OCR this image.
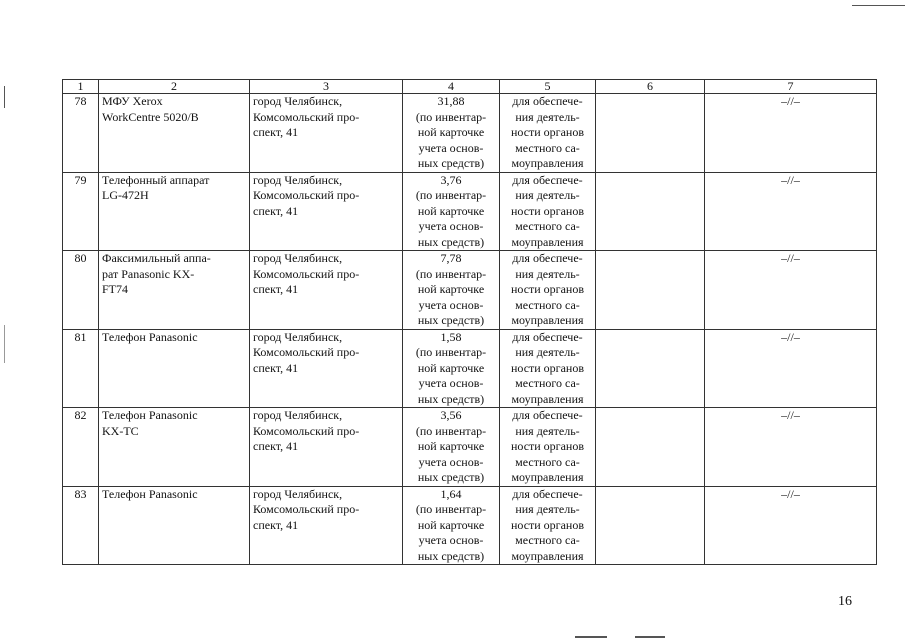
1	2	3	4	5	6	7
78	МФУ Xerox
WorkCentre 5020/B	город Челябинск,
Комсомольский про-
спект, 41	31,88
(по инвентар-
ной карточке
учета основ-
ных средств)	для обеспече-
ния деятель-
ности органов
местного са-
моуправления		–//–
79	Телефонный аппарат
LG-472H	город Челябинск,
Комсомольский про-
спект, 41	3,76
(по инвентар-
ной карточке
учета основ-
ных средств)	для обеспече-
ния деятель-
ности органов
местного са-
моуправления		–//–
80	Факсимильный аппа-
рат Panasonic KX-
FT74	город Челябинск,
Комсомольский про-
спект, 41	7,78
(по инвентар-
ной карточке
учета основ-
ных средств)	для обеспече-
ния деятель-
ности органов
местного са-
моуправления		–//–
81	Телефон Panasonic	город Челябинск,
Комсомольский про-
спект, 41	1,58
(по инвентар-
ной карточке
учета основ-
ных средств)	для обеспече-
ния деятель-
ности органов
местного са-
моуправления		–//–
82	Телефон Panasonic
KX-TC	город Челябинск,
Комсомольский про-
спект, 41	3,56
(по инвентар-
ной карточке
учета основ-
ных средств)	для обеспече-
ния деятель-
ности органов
местного са-
моуправления		–//–
83	Телефон Panasonic	город Челябинск,
Комсомольский про-
спект, 41	1,64
(по инвентар-
ной карточке
учета основ-
ных средств)	для обеспече-
ния деятель-
ности органов
местного са-
моуправления		–//–
16
